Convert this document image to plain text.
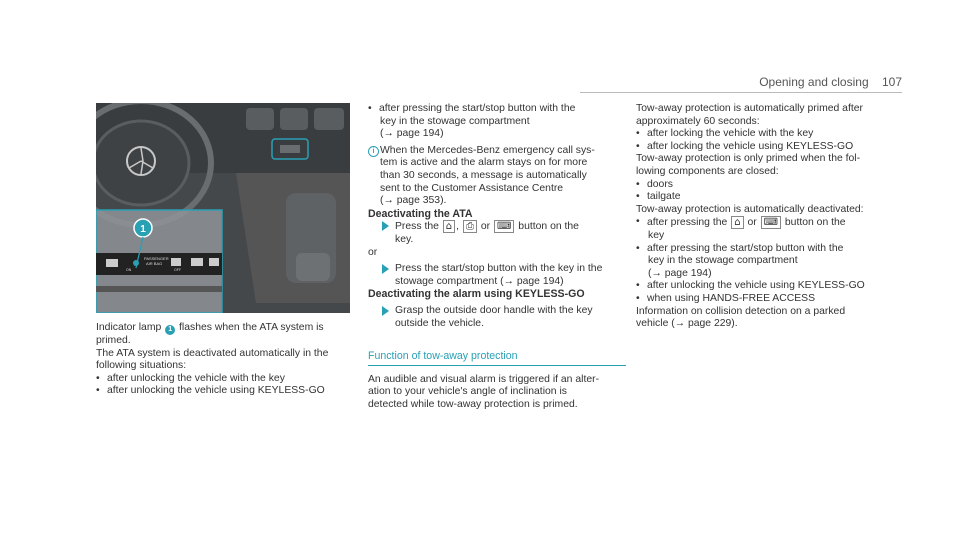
Opening and closing 107
1
PASSENGER
AIR BAG
ON	OFF

Indicator lamp 1 flashes when the ATA system is primed.

The ATA system is deactivated automatically in the following situations:

• after unlocking the vehicle with the key

• after unlocking the vehicle using KEYLESS-GO

• after pressing the start/stop button with the

key in the stowage compartment

(→ page 194)

i When the Mercedes-Benz emergency call sys-

tem is active and the alarm stays on for more

than 30 seconds, a message is automatically

sent to the Customer Assistance Centre

(→ page 353).

Deactivating the ATA

Press the ⌂ , ⎙ or ⌨ button on the

key.

or

Press the start/stop button with the key in the

stowage compartment (→ page 194)

Deactivating the alarm using KEYLESS-GO

Grasp the outside door handle with the key

outside the vehicle.

Function of tow-away protection

An audible and visual alarm is triggered if an alter-

ation to your vehicle's angle of inclination is

detected while tow-away protection is primed.

Tow-away protection is automatically primed after

approximately 60 seconds:

• after locking the vehicle with the key

• after locking the vehicle using KEYLESS-GO

Tow-away protection is only primed when the fol-

lowing components are closed:

• doors

• tailgate

Tow-away protection is automatically deactivated:

• after pressing the ⌂ or ⌨ button on the

key

• after pressing the start/stop button with the

key in the stowage compartment

(→ page 194)

• after unlocking the vehicle using KEYLESS-GO

• when using HANDS-FREE ACCESS

Information on collision detection on a parked

vehicle (→ page 229).
